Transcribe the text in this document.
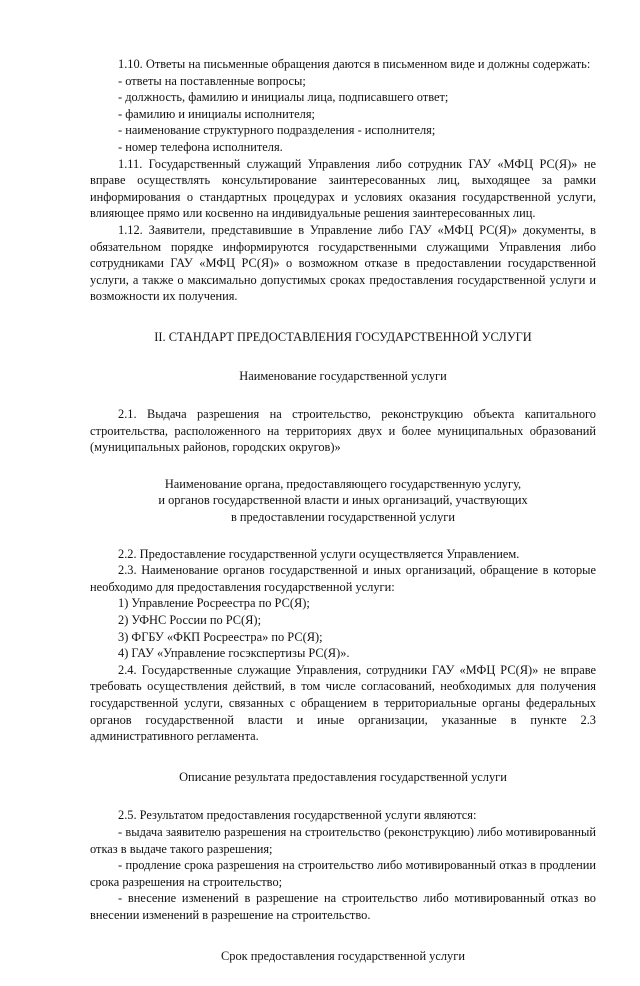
1.10. Ответы на письменные обращения даются в письменном виде и должны содержать:

- ответы на поставленные вопросы;

- должность, фамилию и инициалы лица, подписавшего ответ;

- фамилию и инициалы исполнителя;

- наименование структурного подразделения - исполнителя;

- номер телефона исполнителя.

1.11. Государственный служащий Управления либо сотрудник ГАУ «МФЦ РС(Я)» не вправе осуществлять консультирование заинтересованных лиц, выходящее за рамки информирования о стандартных процедурах и условиях оказания государственной услуги, влияющее прямо или косвенно на индивидуальные решения заинтересованных лиц.

1.12. Заявители, представившие в Управление либо ГАУ «МФЦ РС(Я)» документы, в обязательном порядке информируются государственными служащими Управления либо сотрудниками ГАУ «МФЦ РС(Я)» о возможном отказе в предоставлении государственной услуги, а также о максимально допустимых сроках предоставления государственной услуги и возможности их получения.

II. СТАНДАРТ ПРЕДОСТАВЛЕНИЯ ГОСУДАРСТВЕННОЙ УСЛУГИ

Наименование государственной услуги

2.1. Выдача разрешения на строительство, реконструкцию объекта капитального строительства, расположенного на территориях двух и более муниципальных образований (муниципальных районов, городских округов)»

Наименование органа, предоставляющего государственную услугу,

и органов государственной власти и иных организаций, участвующих

в предоставлении государственной услуги

2.2. Предоставление государственной услуги осуществляется Управлением.

2.3. Наименование органов государственной и иных организаций, обращение в которые необходимо для предоставления государственной услуги:

1) Управление Росреестра по РС(Я);

2) УФНС России по РС(Я);

3) ФГБУ «ФКП Росреестра» по РС(Я);

4) ГАУ «Управление госэкспертизы РС(Я)».

2.4. Государственные служащие Управления, сотрудники ГАУ «МФЦ РС(Я)» не вправе требовать осуществления действий, в том числе согласований, необходимых для получения государственной услуги, связанных с обращением в территориальные органы федеральных органов государственной власти и иные организации, указанные в пункте 2.3 административного регламента.

Описание результата предоставления государственной услуги

2.5. Результатом предоставления государственной услуги являются:

- выдача заявителю разрешения на строительство (реконструкцию) либо мотивированный отказ в выдаче такого разрешения;

- продление срока разрешения на строительство либо мотивированный отказ в продлении срока разрешения на строительство;

- внесение изменений в разрешение на строительство либо мотивированный отказ во внесении изменений в разрешение на строительство.

Срок предоставления государственной услуги
